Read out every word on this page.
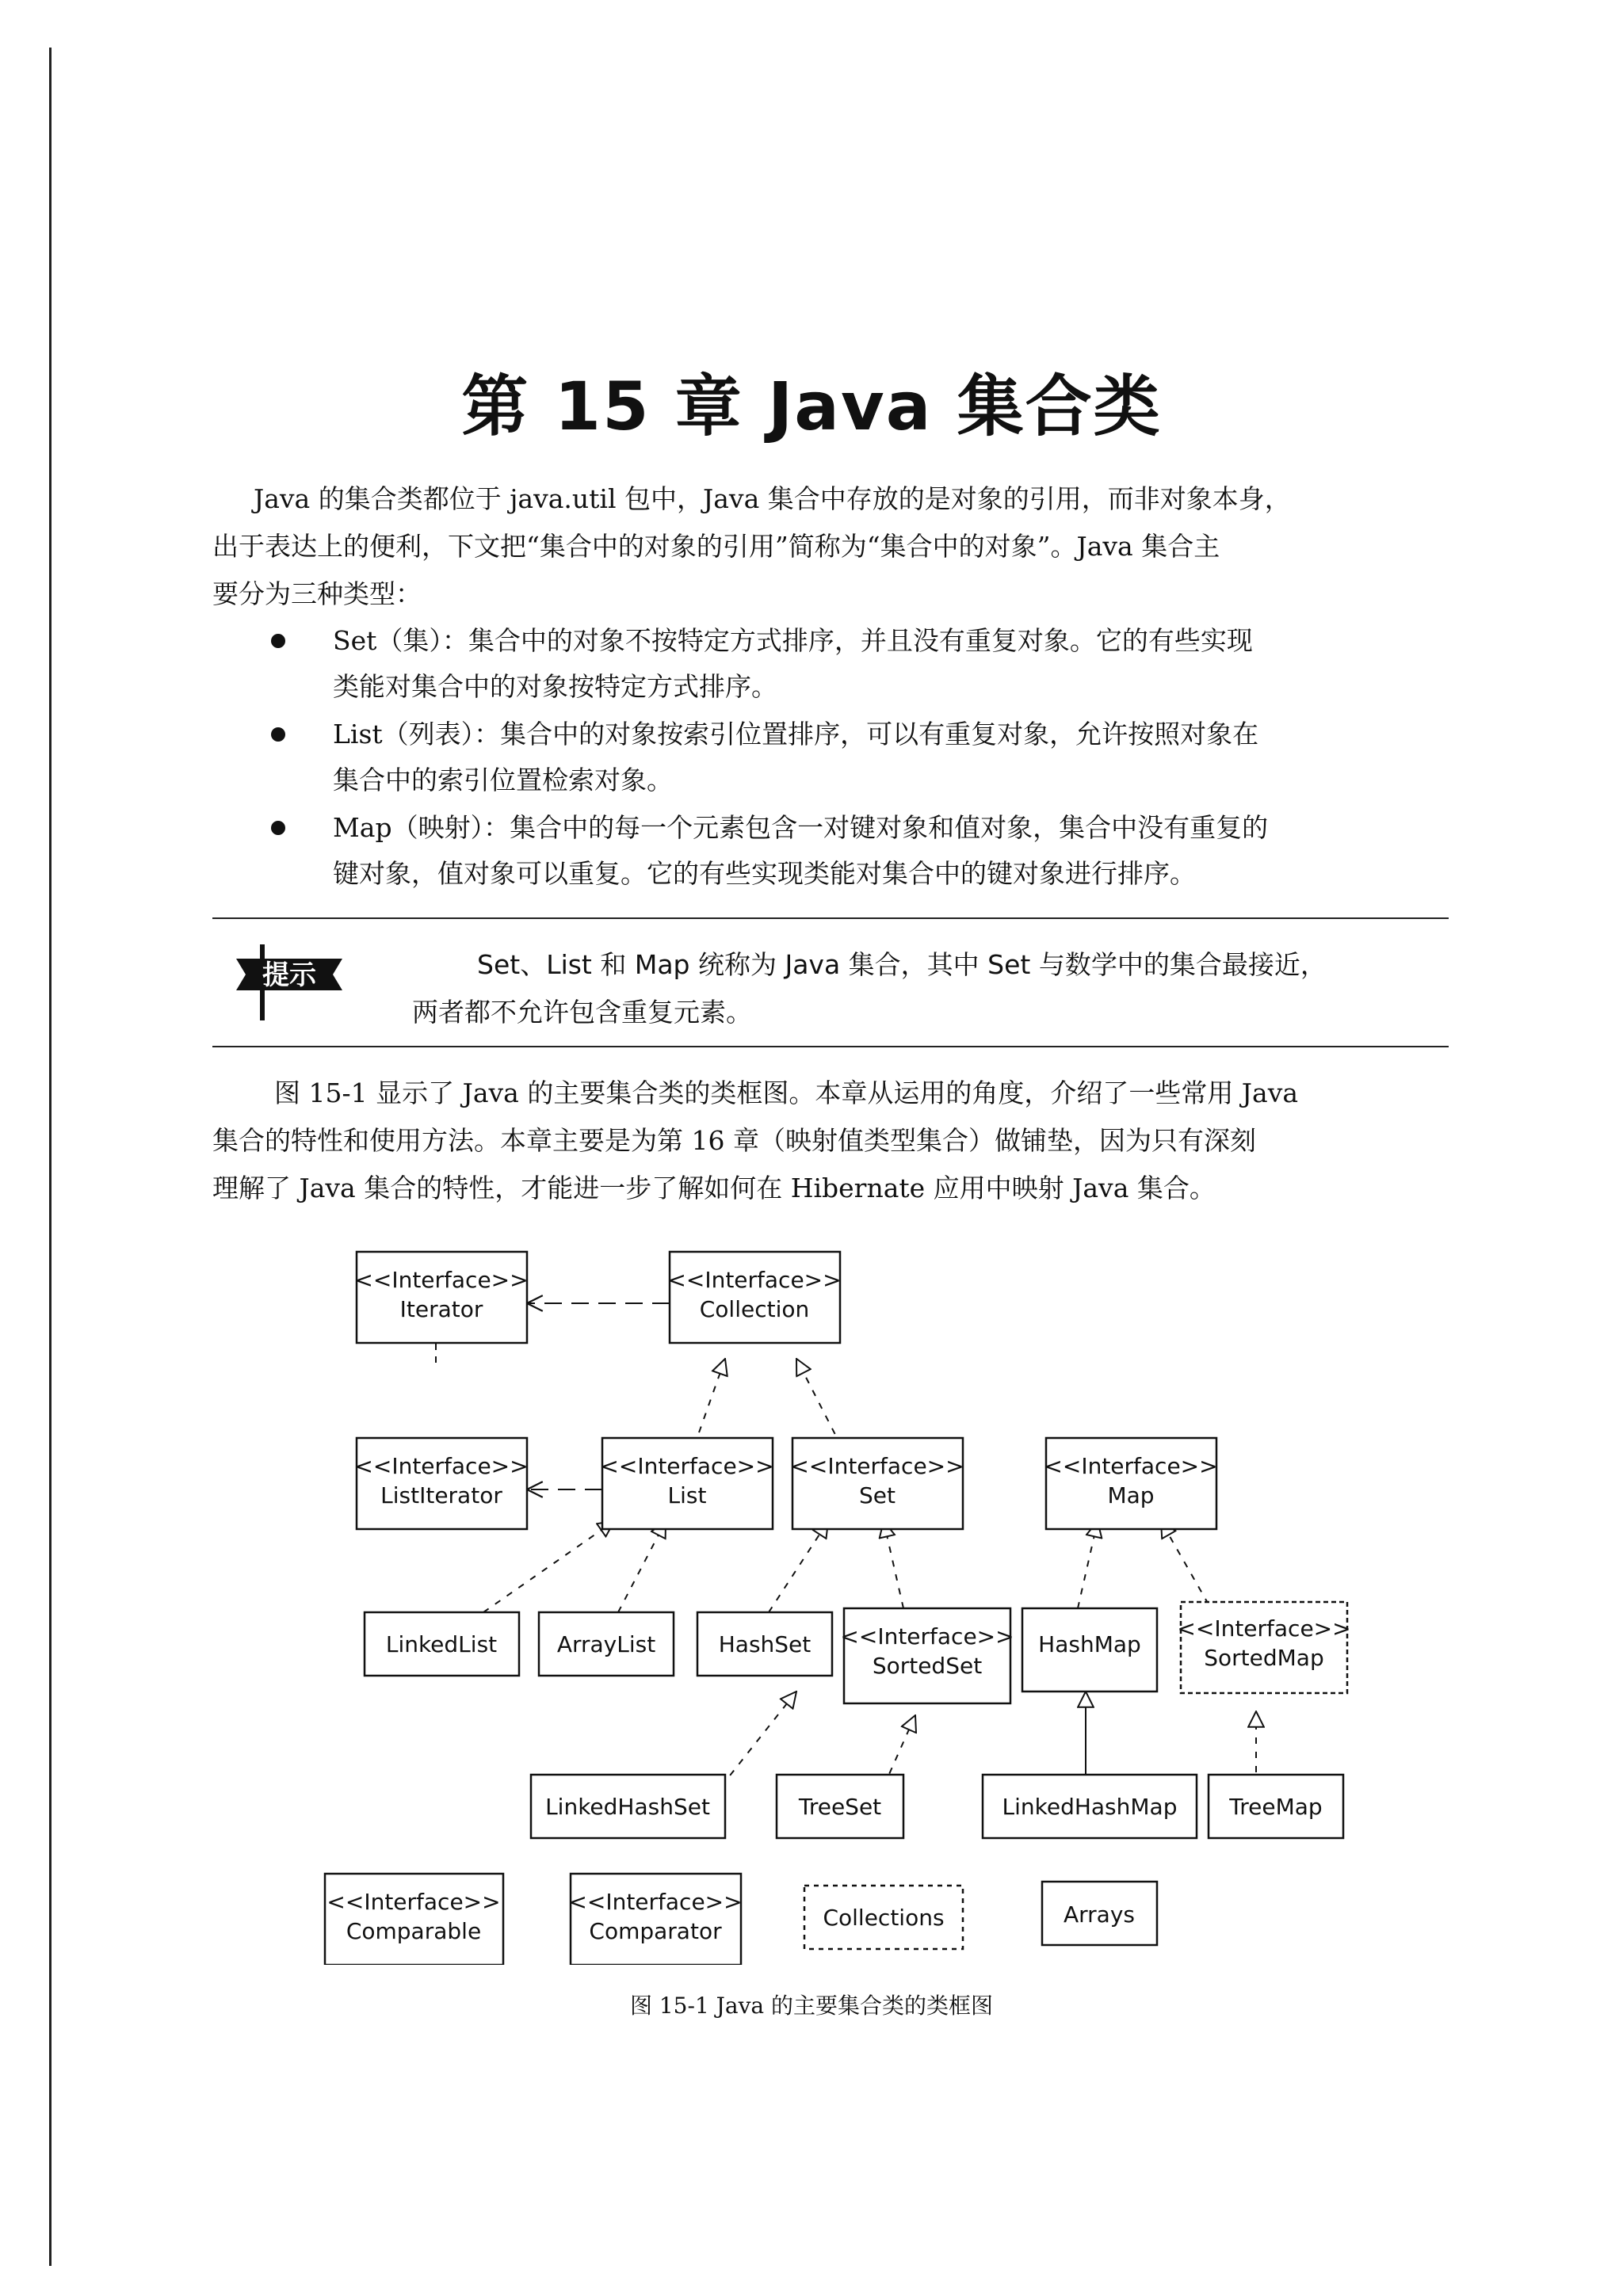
第 15 章 Java 集合类

Java 的集合类都位于 java.util 包中，Java 集合中存放的是对象的引用，而非对象本身，
出于表达上的便利，下文把“集合中的对象的引用”简称为“集合中的对象”。Java 集合主
要分为三种类型：

Set（集）：集合中的对象不按特定方式排序，并且没有重复对象。它的有些实现
类能对集合中的对象按特定方式排序。
List（列表）：集合中的对象按索引位置排序，可以有重复对象，允许按照对象在
集合中的索引位置检索对象。
Map（映射）：集合中的每一个元素包含一对键对象和值对象，集合中没有重复的
键对象，值对象可以重复。它的有些实现类能对集合中的键对象进行排序。
提示	Set、List 和 Map 统称为 Java 集合，其中 Set 与数学中的集合最接近，
两者都不允许包含重复元素。

图 15-1 显示了 Java 的主要集合类的类框图。本章从运用的角度，介绍了一些常用 Java
集合的特性和使用方法。本章主要是为第 16 章（映射值类型集合）做铺垫，因为只有深刻
理解了 Java 集合的特性，才能进一步了解如何在 Hibernate 应用中映射 Java 集合。

<<Interface>>
Iterator
<<Interface>>
Collection
<<Interface>>
ListIterator
<<Interface>>
List
<<Interface>>
Set
<<Interface>>
Map
LinkedList	ArrayList	HashSet <<Interface>>
SortedSet
HashMap
<<Interface>>
SortedMap
LinkedHashSet	TreeSet	LinkedHashMap TreeMap
<<Interface>>
Comparable
<<Interface>>
Comparator
Collections	Arrays
图 15-1 Java 的主要集合类的类框图
